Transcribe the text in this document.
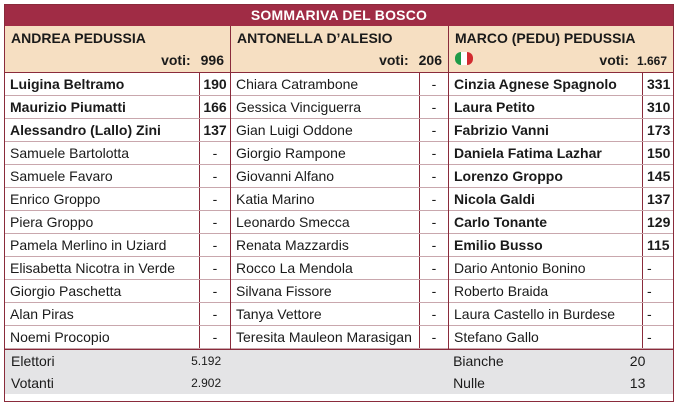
SOMMARIVA DEL BOSCO
ANDREA PEDUSSIA
voti: 996
ANTONELLA D’ALESIO
voti: 206
MARCO (PEDU) PEDUSSIA
voti: 1.667
Luigina Beltramo	190
Maurizio Piumatti	166
Alessandro (Lallo) Zini	137
Samuele Bartolotta	-
Samuele Favaro	-
Enrico Groppo	-
Piera Groppo	-
Pamela Merlino in Uziard	-
Elisabetta Nicotra in Verde	-
Giorgio Paschetta	-
Alan Piras	-
Noemi Procopio	-
Chiara Catrambone	-
Gessica Vinciguerra	-
Gian Luigi Oddone	-
Giorgio Rampone	-
Giovanni Alfano	-
Katia Marino	-
Leonardo Smecca	-
Renata Mazzardis	-
Rocco La Mendola	-
Silvana Fissore	-
Tanya Vettore	-
Teresita Mauleon Marasigan	-
Cinzia Agnese Spagnolo	331
Laura Petito	310
Fabrizio Vanni	173
Daniela Fatima Lazhar	150
Lorenzo Groppo	145
Nicola Galdi	137
Carlo Tonante	129
Emilio Busso	115
Dario Antonio Bonino	-
Roberto Braida	-
Laura Castello in Burdese	-
Stefano Gallo	-
Elettori	5.192	Bianche	20
Votanti	2.902	Nulle	13
